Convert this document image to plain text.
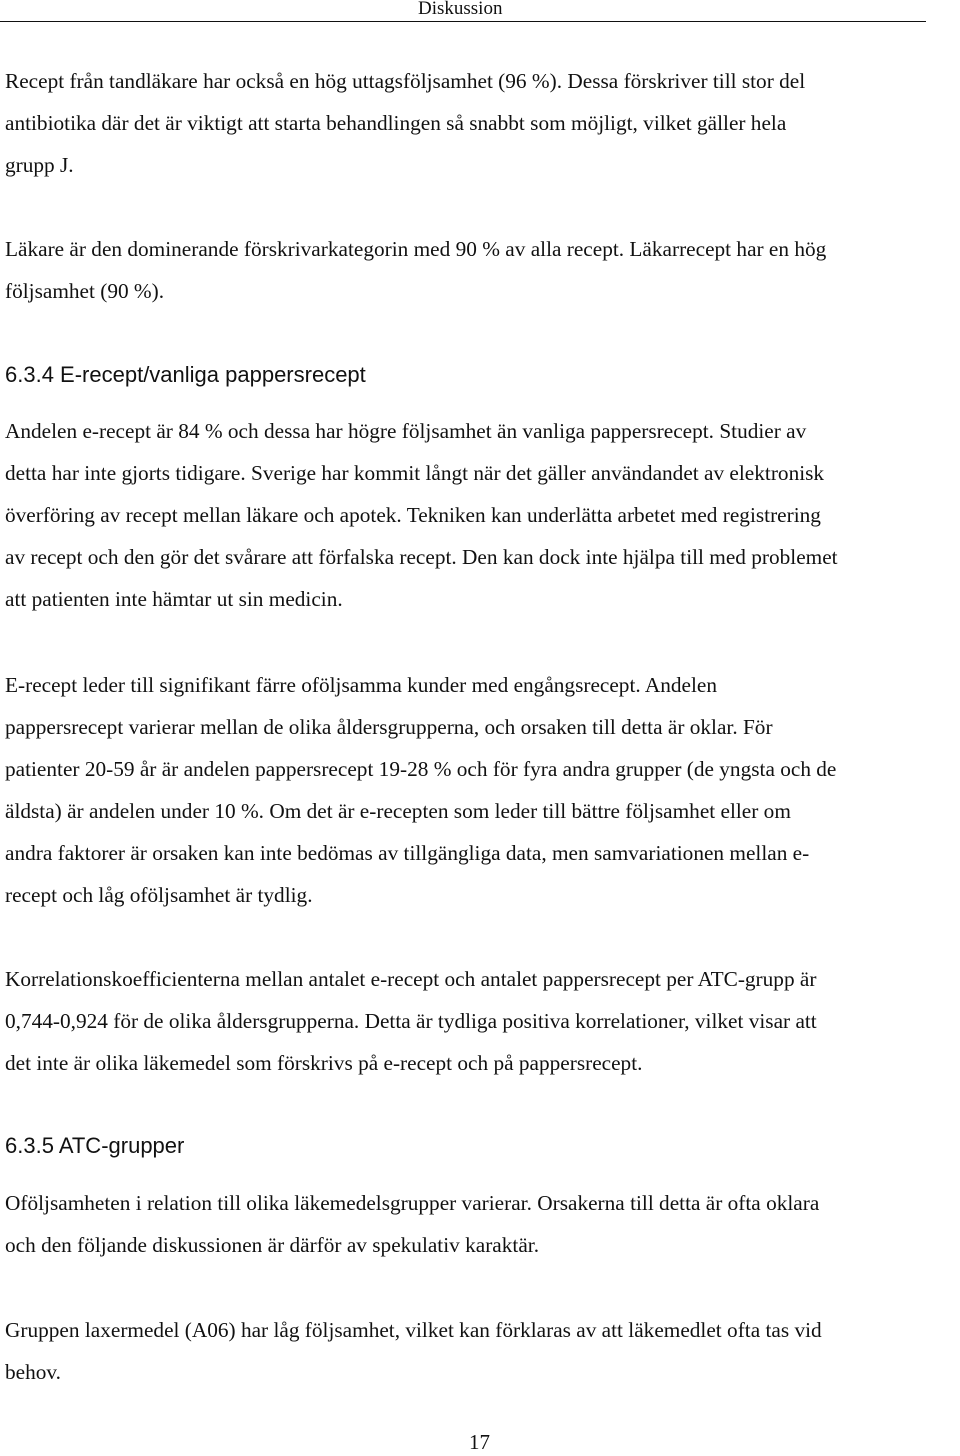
Diskussion
Recept från tandläkare har också en hög uttagsföljsamhet (96 %). Dessa förskriver till stor del
antibiotika där det är viktigt att starta behandlingen så snabbt som möjligt, vilket gäller hela
grupp J.
Läkare är den dominerande förskrivarkategorin med 90 % av alla recept. Läkarrecept har en hög
följsamhet (90 %).
6.3.4 E-recept/vanliga pappersrecept
Andelen e-recept är 84 % och dessa har högre följsamhet än vanliga pappersrecept. Studier av
detta har inte gjorts tidigare. Sverige har kommit långt när det gäller användandet av elektronisk
överföring av recept mellan läkare och apotek. Tekniken kan underlätta arbetet med registrering
av recept och den gör det svårare att förfalska recept. Den kan dock inte hjälpa till med problemet
att patienten inte hämtar ut sin medicin.
E-recept leder till signifikant färre oföljsamma kunder med engångsrecept. Andelen
pappersrecept varierar mellan de olika åldersgrupperna, och orsaken till detta är oklar. För
patienter 20-59 år är andelen pappersrecept 19-28 % och för fyra andra grupper (de yngsta och de
äldsta) är andelen under 10 %. Om det är e-recepten som leder till bättre följsamhet eller om
andra faktorer är orsaken kan inte bedömas av tillgängliga data, men samvariationen mellan e-
recept och låg oföljsamhet är tydlig.
Korrelationskoefficienterna mellan antalet e-recept och antalet pappersrecept per ATC-grupp är
0,744-0,924 för de olika åldersgrupperna. Detta är tydliga positiva korrelationer, vilket visar att
det inte är olika läkemedel som förskrivs på e-recept och på pappersrecept.
6.3.5 ATC-grupper
Oföljsamheten i relation till olika läkemedelsgrupper varierar. Orsakerna till detta är ofta oklara
och den följande diskussionen är därför av spekulativ karaktär.
Gruppen laxermedel (A06) har låg följsamhet, vilket kan förklaras av att läkemedlet ofta tas vid
behov.
17
